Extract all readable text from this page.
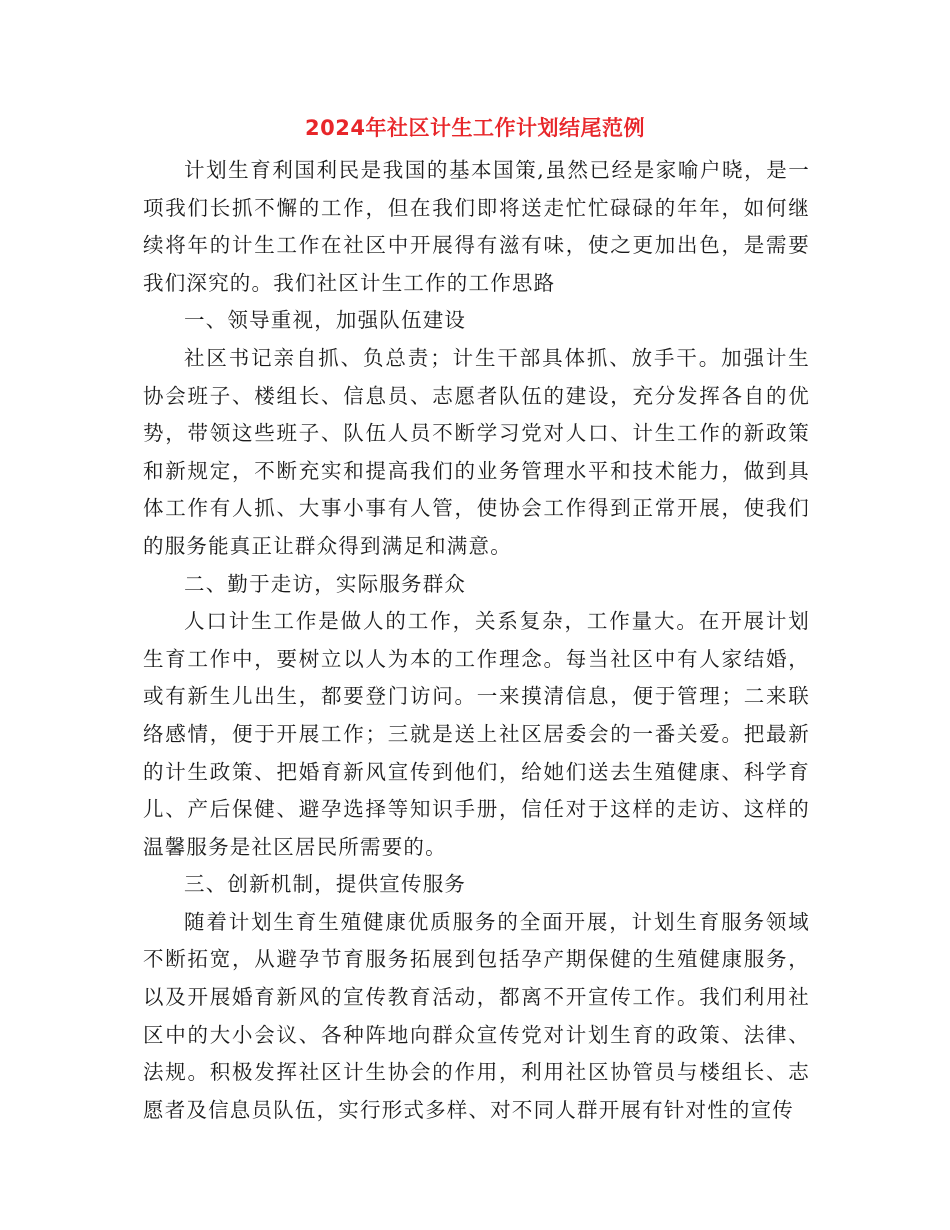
2024年社区计生工作计划结尾范例

计划生育利国利民是我国的基本国策,虽然已经是家喻户晓，是一项我们长抓不懈的工作，但在我们即将送走忙忙碌碌的年年，如何继续将年的计生工作在社区中开展得有滋有味，使之更加出色，是需要我们深究的。我们社区计生工作的工作思路

一、领导重视，加强队伍建设

社区书记亲自抓、负总责；计生干部具体抓、放手干。加强计生协会班子、楼组长、信息员、志愿者队伍的建设，充分发挥各自的优势，带领这些班子、队伍人员不断学习党对人口、计生工作的新政策和新规定，不断充实和提高我们的业务管理水平和技术能力，做到具体工作有人抓、大事小事有人管，使协会工作得到正常开展，使我们的服务能真正让群众得到满足和满意。

二、勤于走访，实际服务群众

人口计生工作是做人的工作，关系复杂，工作量大。在开展计划生育工作中，要树立以人为本的工作理念。每当社区中有人家结婚，或有新生儿出生，都要登门访问。一来摸清信息，便于管理；二来联络感情，便于开展工作；三就是送上社区居委会的一番关爱。把最新的计生政策、把婚育新风宣传到他们，给她们送去生殖健康、科学育儿、产后保健、避孕选择等知识手册，信任对于这样的走访、这样的温馨服务是社区居民所需要的。

三、创新机制，提供宣传服务

随着计划生育生殖健康优质服务的全面开展，计划生育服务领域不断拓宽，从避孕节育服务拓展到包括孕产期保健的生殖健康服务，以及开展婚育新风的宣传教育活动，都离不开宣传工作。我们利用社区中的大小会议、各种阵地向群众宣传党对计划生育的政策、法律、法规。积极发挥社区计生协会的作用，利用社区协管员与楼组长、志愿者及信息员队伍，实行形式多样、对不同人群开展有针对性的宣传
